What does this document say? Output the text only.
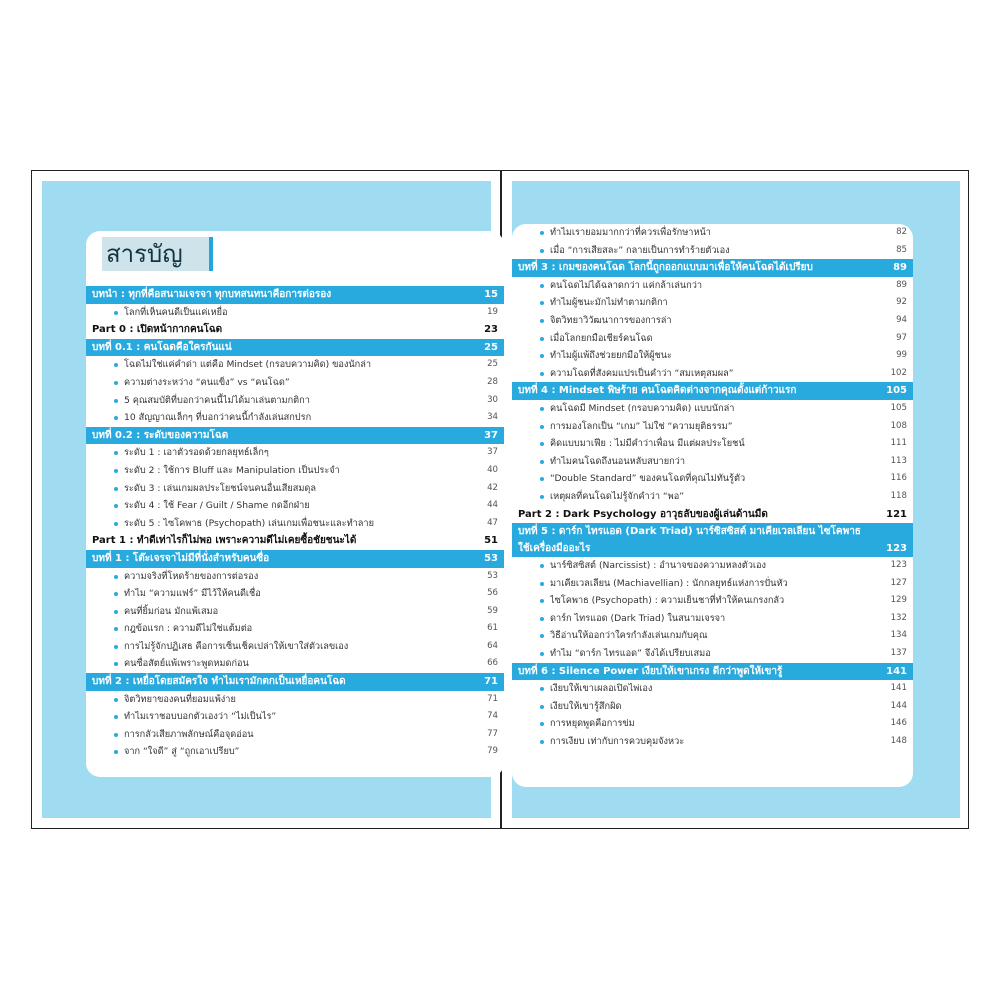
สารบัญ
บทนำ : ทุกที่คือสนามเจรจา ทุกบทสนทนาคือการต่อรอง	15
โลกที่เห็นคนดีเป็นแค่เหยื่อ	19
Part 0 : เปิดหน้ากากคนโฉด	23
บทที่ 0.1 : คนโฉดคือใครกันแน่	25
โฉดไม่ใช่แค่คำด่า แต่คือ Mindset (กรอบความคิด) ของนักล่า	25
ความต่างระหว่าง “คนแข็ง” vs “คนโฉด”	28
5 คุณสมบัติที่บอกว่าคนนี้ไม่ได้มาเล่นตามกติกา	30
10 สัญญาณเล็กๆ ที่บอกว่าคนนี้กำลังเล่นสกปรก	34
บทที่ 0.2 : ระดับของความโฉด	37
ระดับ 1 : เอาตัวรอดด้วยกลยุทธ์เล็กๆ	37
ระดับ 2 : ใช้การ Bluff และ Manipulation เป็นประจำ	40
ระดับ 3 : เล่นเกมผลประโยชน์จนคนอื่นเสียสมดุล	42
ระดับ 4 : ใช้ Fear / Guilt / Shame กดอีกฝ่าย	44
ระดับ 5 : ไซโคพาธ (Psychopath) เล่นเกมเพื่อชนะและทำลาย	47
Part 1 : ทำดีเท่าไรก็ไม่พอ เพราะความดีไม่เคยซื้อชัยชนะได้	51
บทที่ 1 : โต๊ะเจรจาไม่มีที่นั่งสำหรับคนซื่อ	53
ความจริงที่โหดร้ายของการต่อรอง	53
ทำไม “ความแฟร์” มีไว้ให้คนดีเชื่อ	56
คนที่ยิ้มก่อน มักแพ้เสมอ	59
กฎข้อแรก : ความดีไม่ใช่แต้มต่อ	61
การไม่รู้จักปฏิเสธ คือการเซ็นเช็คเปล่าให้เขาใส่ตัวเลขเอง	64
คนซื่อสัตย์แพ้เพราะพูดหมดก่อน	66
บทที่ 2 : เหยื่อโดยสมัครใจ ทำไมเรามักตกเป็นเหยื่อคนโฉด	71
จิตวิทยาของคนที่ยอมแพ้ง่าย	71
ทำไมเราชอบบอกตัวเองว่า “ไม่เป็นไร”	74
การกลัวเสียภาพลักษณ์คือจุดอ่อน	77
จาก “ใจดี” สู่ “ถูกเอาเปรียบ”	79
ทำไมเรายอมมากกว่าที่ควรเพื่อรักษาหน้า	82
เมื่อ “การเสียสละ” กลายเป็นการทำร้ายตัวเอง	85
บทที่ 3 : เกมของคนโฉด โลกนี้ถูกออกแบบมาเพื่อให้คนโฉดได้เปรียบ	89
คนโฉดไม่ได้ฉลาดกว่า แค่กล้าเล่นกว่า	89
ทำไมผู้ชนะมักไม่ทำตามกติกา	92
จิตวิทยาวิวัฒนาการของการล่า	94
เมื่อโลกยกมือเชียร์คนโฉด	97
ทำไมผู้แพ้ถึงช่วยยกมือให้ผู้ชนะ	99
ความโฉดที่สังคมแปรเป็นคำว่า “สมเหตุสมผล”	102
บทที่ 4 : Mindset พิษร้าย คนโฉดคิดต่างจากคุณตั้งแต่ก้าวแรก	105
คนโฉดมี Mindset (กรอบความคิด) แบบนักล่า	105
การมองโลกเป็น “เกม” ไม่ใช่ “ความยุติธรรม”	108
คิดแบบมาเฟีย : ไม่มีคำว่าเพื่อน มีแต่ผลประโยชน์	111
ทำไมคนโฉดถึงนอนหลับสบายกว่า	113
“Double Standard” ของคนโฉดที่คุณไม่ทันรู้ตัว	116
เหตุผลที่คนโฉดไม่รู้จักคำว่า “พอ”	118
Part 2 : Dark Psychology อาวุธลับของผู้เล่นด้านมืด	121
บทที่ 5 : ดาร์ก ไทรแอด (Dark Triad) นาร์ซิสซิสต์ มาเคียเวลเลียน ไซโคพาธ ใช้เครื่องมืออะไร	123
นาร์ซิสซิสต์ (Narcissist) : อำนาจของความหลงตัวเอง	123
มาเคียเวลเลียน (Machiavellian) : นักกลยุทธ์แห่งการปั่นหัว	127
ไซโคพาธ (Psychopath) : ความเย็นชาที่ทำให้คนเกรงกลัว	129
ดาร์ก ไทรแอด (Dark Triad) ในสนามเจรจา	132
วิธีอ่านให้ออกว่าใครกำลังเล่นเกมกับคุณ	134
ทำไม “ดาร์ก ไทรแอด” จึงได้เปรียบเสมอ	137
บทที่ 6 : Silence Power เงียบให้เขาเกรง ดีกว่าพูดให้เขารู้	141
เงียบให้เขาเผลอเปิดไพ่เอง	141
เงียบให้เขารู้สึกผิด	144
การหยุดพูดคือการข่ม	146
การเงียบ เท่ากับการควบคุมจังหวะ	148
